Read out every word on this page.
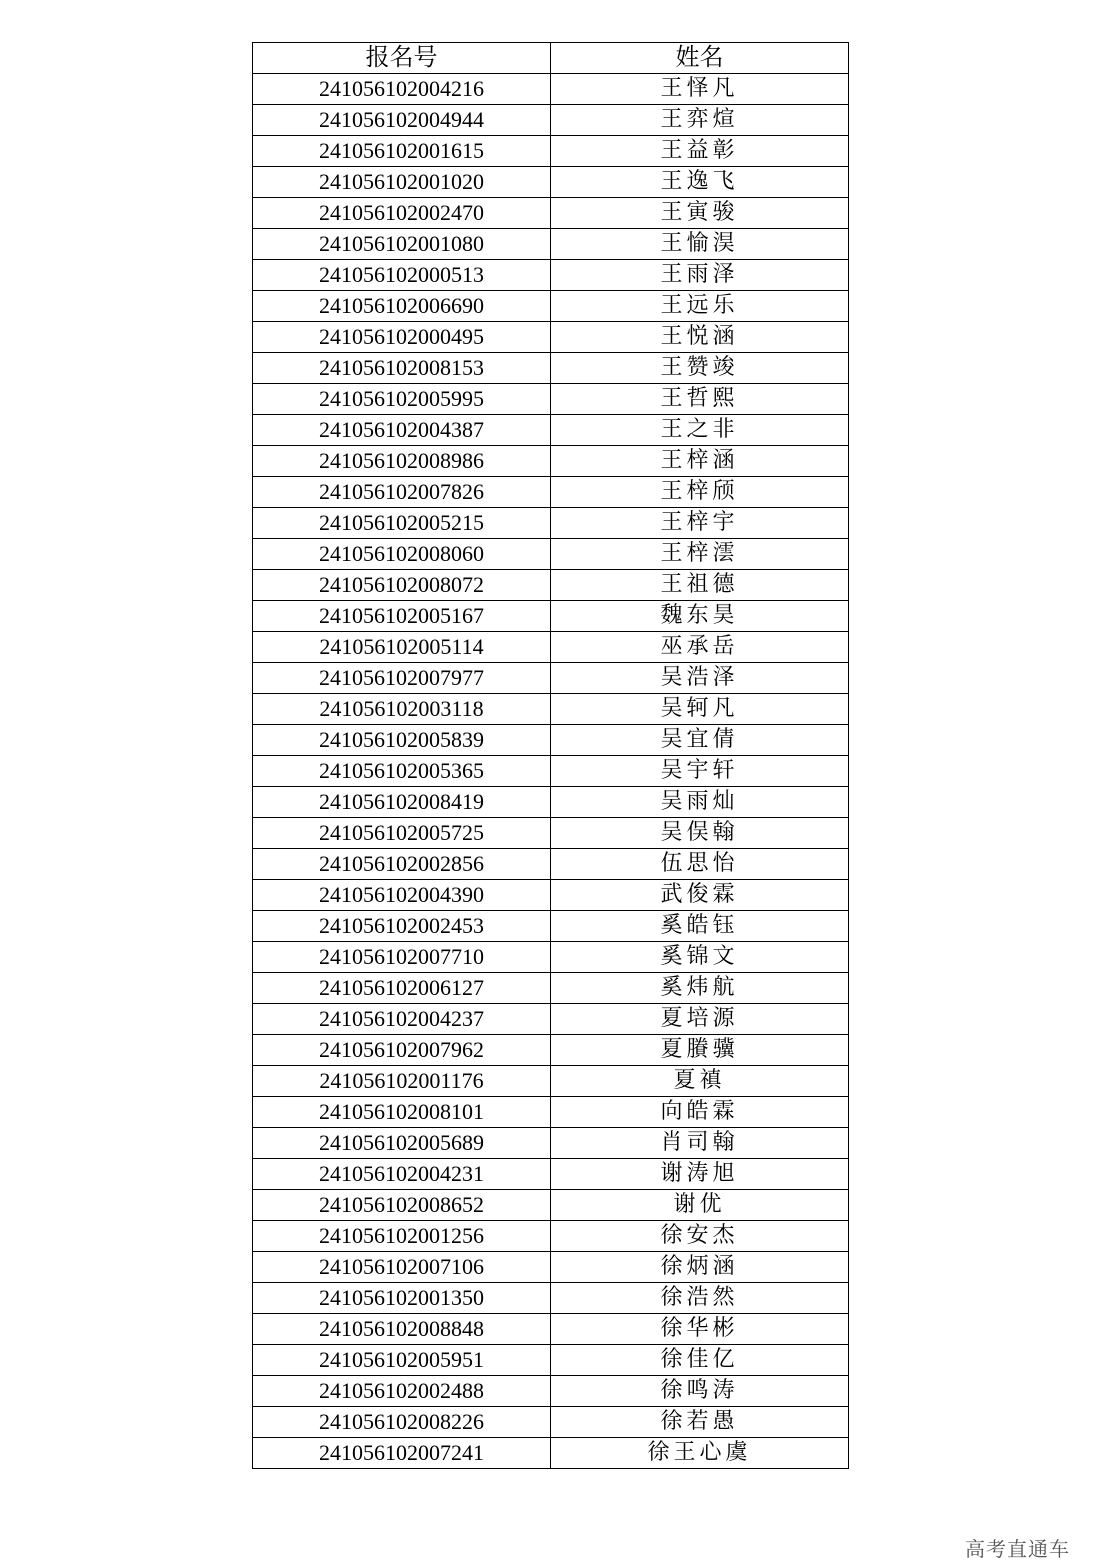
报名号	姓名
241056102004216	王怿凡
241056102004944	王弈煊
241056102001615	王益彰
241056102001020	王逸飞
241056102002470	王寅骏
241056102001080	王愉淏
241056102000513	王雨泽
241056102006690	王远乐
241056102000495	王悦涵
241056102008153	王赞竣
241056102005995	王哲熙
241056102004387	王之非
241056102008986	王梓涵
241056102007826	王梓颀
241056102005215	王梓宇
241056102008060	王梓澐
241056102008072	王祖德
241056102005167	魏东昊
241056102005114	巫承岳
241056102007977	吴浩泽
241056102003118	吴轲凡
241056102005839	吴宜倩
241056102005365	吴宇轩
241056102008419	吴雨灿
241056102005725	吴俣翰
241056102002856	伍思怡
241056102004390	武俊霖
241056102002453	奚皓钰
241056102007710	奚锦文
241056102006127	奚炜航
241056102004237	夏培源
241056102007962	夏賸骥
241056102001176	夏禛
241056102008101	向皓霖
241056102005689	肖司翰
241056102004231	谢涛旭
241056102008652	谢优
241056102001256	徐安杰
241056102007106	徐炳涵
241056102001350	徐浩然
241056102008848	徐华彬
241056102005951	徐佳亿
241056102002488	徐鸣涛
241056102008226	徐若愚
241056102007241	徐王心虞
高考直通车
